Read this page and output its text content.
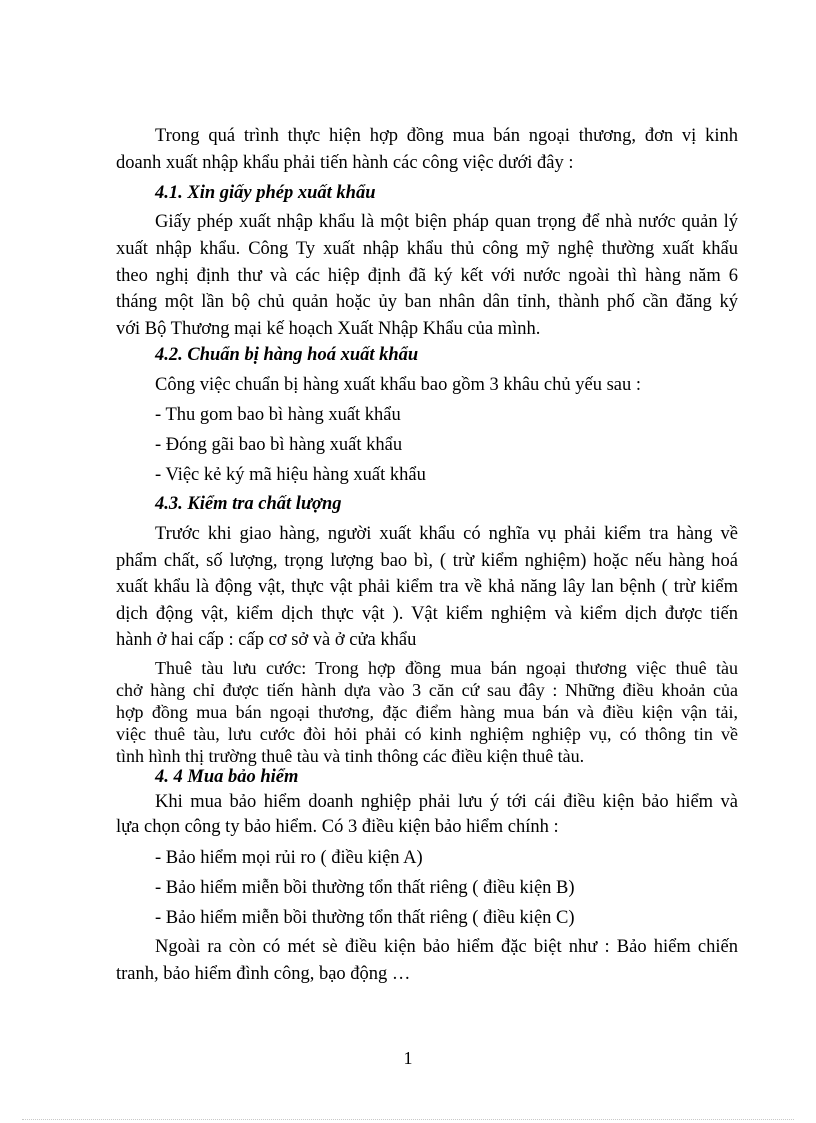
Trong quá trình thực hiện hợp đồng mua bán ngoại thương, đơn vị kinh

doanh xuất nhập khẩu phải tiến hành các công việc dưới đây :

4.1. Xin giấy phép xuất khẩu

Giấy phép xuất nhập khẩu là một biện pháp quan trọng để nhà nước quản lý

xuất nhập khẩu. Công Ty xuất nhập khẩu thủ công mỹ nghệ thường xuất khẩu

theo nghị định thư và các hiệp định đã ký kết với nước ngoài thì hàng năm 6

tháng một lần bộ chủ quản hoặc ủy ban nhân dân tỉnh, thành phố cần đăng ký

với Bộ Thương mại kế hoạch Xuất Nhập Khẩu của mình.

4.2. Chuẩn bị hàng hoá xuất khẩu

Công việc chuẩn bị hàng xuất khẩu bao gồm 3 khâu chủ yếu sau :

- Thu gom bao bì hàng xuất khẩu

- Đóng gãi bao bì hàng xuất khẩu

- Việc kẻ ký mã hiệu hàng xuất khẩu

4.3. Kiểm tra chất lượng

Trước khi giao hàng, người xuất khẩu có nghĩa vụ phải kiểm tra hàng về

phẩm chất, số lượng, trọng lượng bao bì, ( trừ kiểm nghiệm) hoặc nếu hàng hoá

xuất khẩu là động vật, thực vật phải kiểm tra về khả năng lây lan bệnh ( trừ kiểm

dịch động vật, kiểm dịch thực vật ). Vật kiểm nghiệm và kiểm dịch được tiến

hành ở hai cấp : cấp cơ sở và ở cửa khẩu

Thuê tàu lưu cước: Trong hợp đồng mua bán ngoại thương việc thuê tàu

chở hàng chỉ được tiến hành dựa vào 3 căn cứ sau đây : Những điều khoản của

hợp đồng mua bán ngoại thương, đặc điểm hàng mua bán và điều kiện vận tải,

việc thuê tàu, lưu cước đòi hỏi phải có kinh nghiệm nghiệp vụ, có thông tin về

tình hình thị trường thuê tàu và tinh thông các điều kiện thuê tàu.

4. 4 Mua bảo hiểm

Khi mua bảo hiểm doanh nghiệp phải lưu ý tới cái điều kiện bảo hiểm và

lựa chọn công ty bảo hiểm. Có 3 điều kiện bảo hiểm chính :

- Bảo hiểm mọi rủi ro ( điều kiện A)

- Bảo hiểm miễn bồi thường tổn thất riêng ( điều kiện B)

- Bảo hiểm miễn bồi thường tổn thất riêng ( điều kiện C)

Ngoài ra còn có mét sè điều kiện bảo hiểm đặc biệt như : Bảo hiểm chiến

tranh, bảo hiểm đình công, bạo động …

1
